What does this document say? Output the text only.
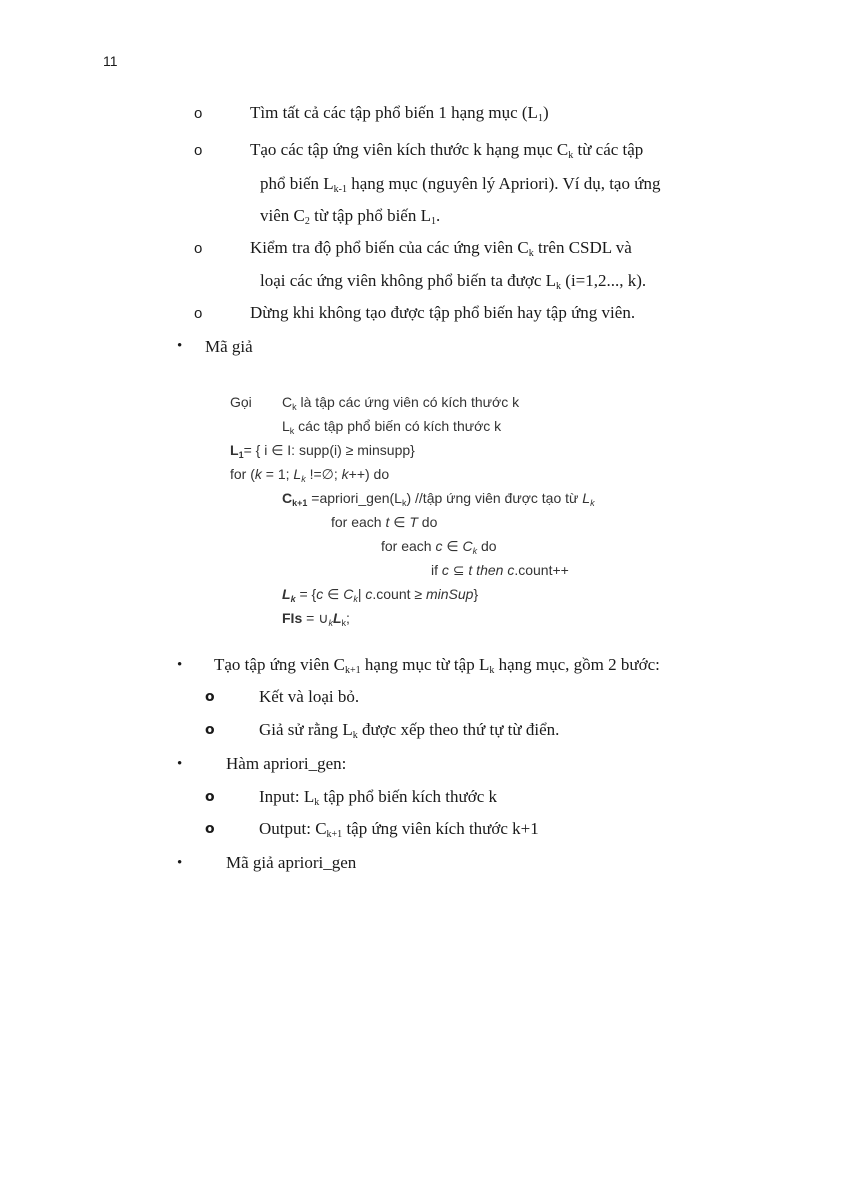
11
o	Tìm tất cả các tập phổ biến 1 hạng mục $(L_1)$
o	Tạo các tập ứng viên kích thước k hạng mục $C_k$ từ các tập
phổ biến $L_{k-1}$ hạng mục (nguyên lý Apriori). Ví dụ, tạo ứng
viên $C_2$ từ tập phổ biến $L_1$.
o	Kiểm tra độ phổ biến của các ứng viên $C_k$ trên CSDL và
loại các ứng viên không phổ biến ta được $L_k$ (i=1,2..., k).
o	Dừng khi không tạo được tập phổ biến hay tập ứng viên.
• Mã giả
Gọi $C_k$ là tập các ứng viên có kích thước k
$L_k$ các tập phổ biến có kích thước k
$L_1=$ { i ∈ I: supp(i) ≥ minsupp}
for (k = 1; $L_k$ !=∅; k++) do
$C_{k+1}$ $=apriori\_gen(L_k)$ //tập ứng viên được tạo từ $L_k$
for each t ∈ T do
for each c ∈ $C_k$ do
if c ⊆ t then c.count++
$L_k = \{c$ ∈ $C_k|$ c.count ≥ minSup}
FIs = $\cup_kL_k$;
• Tạo tập ứng viên $C_{k+1}$ hạng mục từ tập $L_k$ hạng mục, gồm 2 bước:
o	Kết và loại bỏ.
o	Giả sử rằng $L_k$ được xếp theo thứ tự từ điển.
•	Hàm apriori_gen:
o	Input: $L_k$ tập phổ biến kích thước k
o	Output: $C_{k+1}$ tập ứng viên kích thước k+1
•	Mã giả apriori_gen
